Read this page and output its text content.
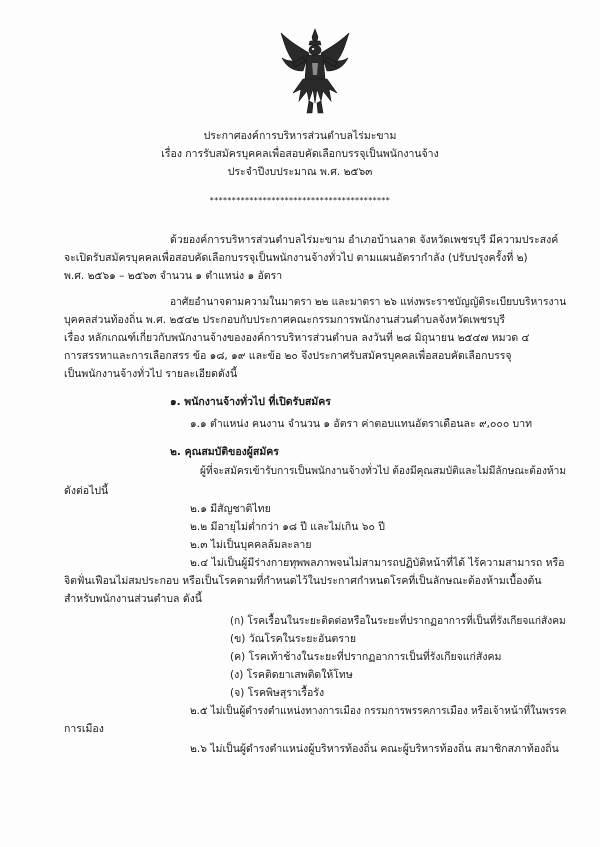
ประกาศองค์การบริหารส่วนตำบลไร่มะขาม
เรื่อง การรับสมัครบุคคลเพื่อสอบคัดเลือกบรรจุเป็นพนักงานจ้าง
ประจำปีงบประมาณ พ.ศ. ๒๕๖๓
*****************************************
ด้วยองค์การบริหารส่วนตำบลไร่มะขาม อำเภอบ้านลาด จังหวัดเพชรบุรี มีความประสงค์
จะเปิดรับสมัครบุคคลเพื่อสอบคัดเลือกบรรจุเป็นพนักงานจ้างทั่วไป ตามแผนอัตรากำลัง (ปรับปรุงครั้งที่ ๒)
พ.ศ. ๒๕๖๑ – ๒๕๖๓ จำนวน ๑ ตำแหน่ง ๑ อัตรา
อาศัยอำนาจตามความในมาตรา ๒๒ และมาตรา ๒๖ แห่งพระราชบัญญัติระเบียบบริหารงาน
บุคคลส่วนท้องถิ่น พ.ศ. ๒๕๔๒ ประกอบกับประกาศคณะกรรมการพนักงานส่วนตำบลจังหวัดเพชรบุรี
เรื่อง หลักเกณฑ์เกี่ยวกับพนักงานจ้างขององค์การบริหารส่วนตำบล ลงวันที่ ๒๘ มิถุนายน ๒๕๔๗ หมวด ๔
การสรรหาและการเลือกสรร ข้อ ๑๘, ๑๙ และข้อ ๒๐ จึงประกาศรับสมัครบุคคลเพื่อสอบคัดเลือกบรรจุ
เป็นพนักงานจ้างทั่วไป รายละเอียดดังนี้
๑. พนักงานจ้างทั่วไป ที่เปิดรับสมัคร
๑.๑ ตำแหน่ง คนงาน จำนวน ๑ อัตรา ค่าตอบแทนอัตราเดือนละ ๙,๐๐๐ บาท
๒. คุณสมบัติของผู้สมัคร
ผู้ที่จะสมัครเข้ารับการเป็นพนักงานจ้างทั่วไป ต้องมีคุณสมบัติและไม่มีลักษณะต้องห้าม
ดังต่อไปนี้
๒.๑ มีสัญชาติไทย
๒.๒ มีอายุไม่ต่ำกว่า ๑๘ ปี และไม่เกิน ๖๐ ปี
๒.๓ ไม่เป็นบุคคลล้มละลาย
๒.๔ ไม่เป็นผู้มีร่างกายทุพพลภาพจนไม่สามารถปฏิบัติหน้าที่ได้ ไร้ความสามารถ หรือ
จิตฟั่นเฟือนไม่สมประกอบ หรือเป็นโรคตามที่กำหนดไว้ในประกาศกำหนดโรคที่เป็นลักษณะต้องห้ามเบื้องต้น
สำหรับพนักงานส่วนตำบล ดังนี้
(ก) โรคเรื้อนในระยะติดต่อหรือในระยะที่ปรากฏอาการที่เป็นที่รังเกียจแก่สังคม
(ข) วัณโรคในระยะอันตราย
(ค) โรคเท้าช้างในระยะที่ปรากฏอาการเป็นที่รังเกียจแก่สังคม
(ง) โรคติดยาเสพติดให้โทษ
(จ) โรคพิษสุราเรื้อรัง
๒.๕ ไม่เป็นผู้ดำรงตำแหน่งทางการเมือง กรรมการพรรคการเมือง หรือเจ้าหน้าที่ในพรรค
การเมือง
๒.๖ ไม่เป็นผู้ดำรงตำแหน่งผู้บริหารท้องถิ่น คณะผู้บริหารท้องถิ่น สมาชิกสภาท้องถิ่น
